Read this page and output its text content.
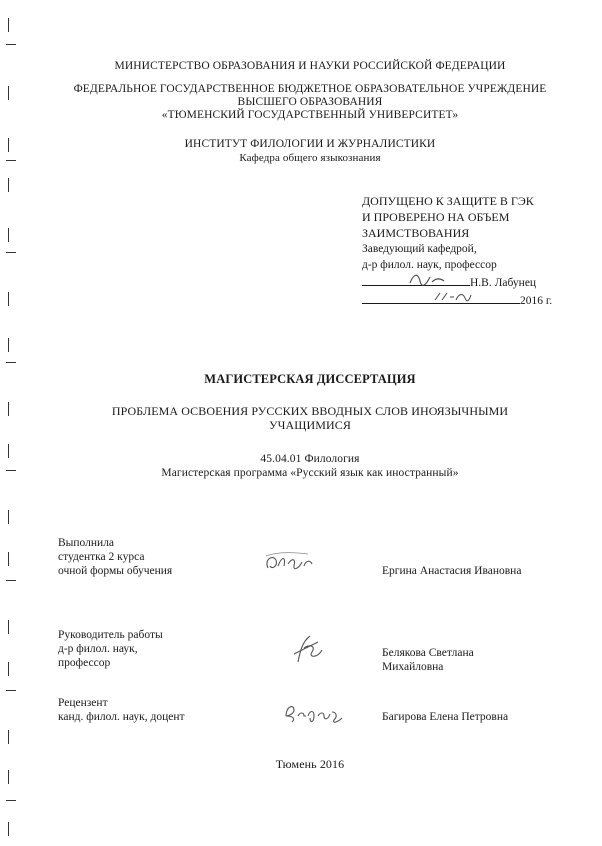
МИНИСТЕРСТВО ОБРАЗОВАНИЯ И НАУКИ РОССИЙСКОЙ ФЕДЕРАЦИИ
ФЕДЕРАЛЬНОЕ ГОСУДАРСТВЕННОЕ БЮДЖЕТНОЕ ОБРАЗОВАТЕЛЬНОЕ УЧРЕЖДЕНИЕ
ВЫСШЕГО ОБРАЗОВАНИЯ
«ТЮМЕНСКИЙ ГОСУДАРСТВЕННЫЙ УНИВЕРСИТЕТ»
ИНСТИТУТ ФИЛОЛОГИИ И ЖУРНАЛИСТИКИ
Кафедра общего языкознания
ДОПУЩЕНО К ЗАЩИТЕ В ГЭК
И ПРОВЕРЕНО НА ОБЪЕМ
ЗАИМСТВОВАНИЯ
Заведующий кафедрой,
д-р филол. наук, профессор
Н.В. Лабунец
2016 г.
МАГИСТЕРСКАЯ ДИССЕРТАЦИЯ
ПРОБЛЕМА ОСВОЕНИЯ РУССКИХ ВВОДНЫХ СЛОВ ИНОЯЗЫЧНЫМИ
УЧАЩИМИСЯ
45.04.01 Филология
Магистерская программа «Русский язык как иностранный»
Выполнила
студентка 2 курса
очной формы обучения	Ергина Анастасия Ивановна
Руководитель работы
д-р филол. наук,
профессор
Белякова Светлана
Михайловна
Рецензент
канд. филол. наук, доцент	Багирова Елена Петровна
Тюмень 2016
